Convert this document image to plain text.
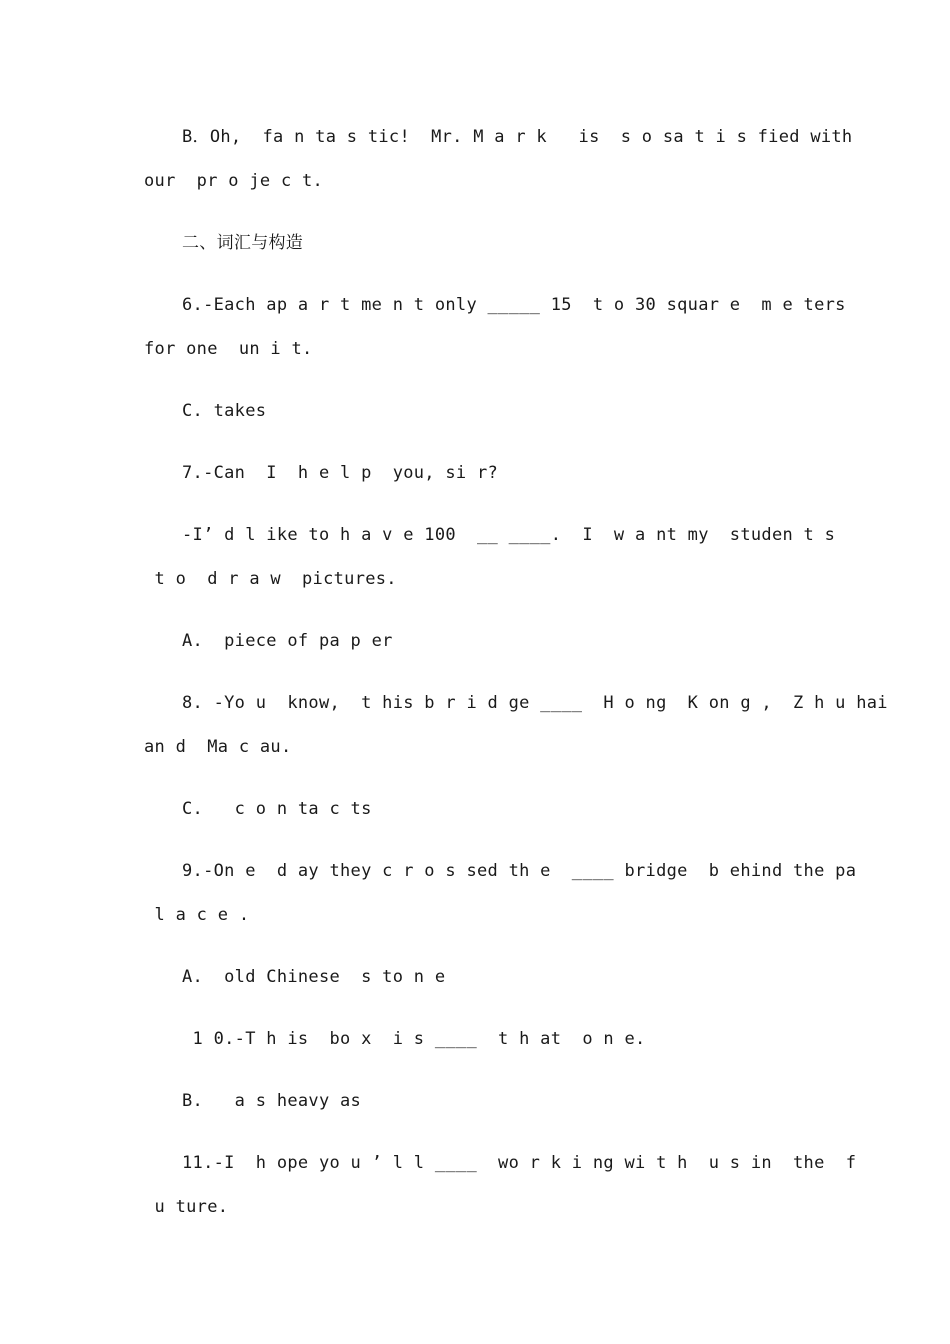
B．Oh,  fa n ta s tic!  Mr. M a r k   is  s o sa t i s fied with
our  pr o je c t.
二、词汇与构造
6.-Each ap a r t me n t only _____ 15  t o 30 squar e  m e ters
for one  un i t.
C. takes
7.-Can  I  h e l p  you, si r?
-I’ d l ike to h a v e 100  __ ____.  I  w a nt my  studen t s
t o  d r a w  pictures.
A.  piece of pa p er
8. -Yo u  know,  t his b r i d ge ____  H o ng  K on g ,  Z h u hai
an d  Ma c au.
C.   c o n ta c ts
9.-On e  d ay they c r o s sed th e  ____ bridge  b ehind the pa
l a c e .
A.  old Chinese  s to n e
1 0.-T h is  bo x  i s ____  t h at  o n e.
B.   a s heavy as
11.-I  h ope yo u ’ l l ____  wo r k i ng wi t h  u s in  the  f
u ture.
